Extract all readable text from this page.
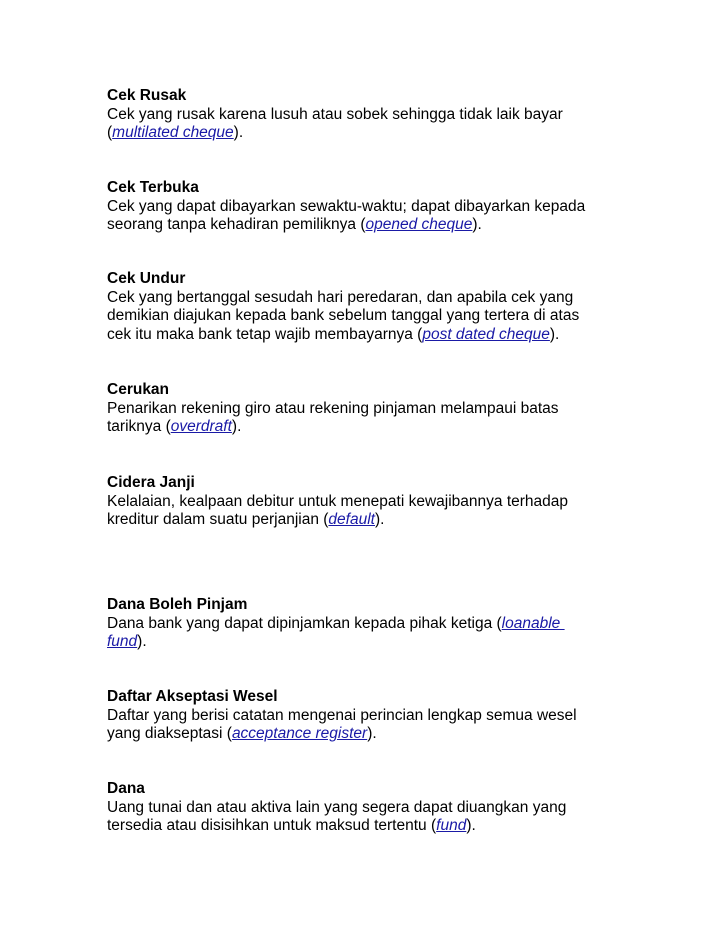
Cek Rusak
Cek yang rusak karena lusuh atau sobek sehingga tidak laik bayar
(multilated cheque).
Cek Terbuka
Cek yang dapat dibayarkan sewaktu-waktu; dapat dibayarkan kepada
seorang tanpa kehadiran pemiliknya (opened cheque).
Cek Undur
Cek yang bertanggal sesudah hari peredaran, dan apabila cek yang
demikian diajukan kepada bank sebelum tanggal yang tertera di atas
cek itu maka bank tetap wajib membayarnya (post dated cheque).
Cerukan
Penarikan rekening giro atau rekening pinjaman melampaui batas
tariknya (overdraft).
Cidera Janji
Kelalaian, kealpaan debitur untuk menepati kewajibannya terhadap
kreditur dalam suatu perjanjian (default).
Dana Boleh Pinjam
Dana bank yang dapat dipinjamkan kepada pihak ketiga (loanable
fund).
Daftar Akseptasi Wesel
Daftar yang berisi catatan mengenai perincian lengkap semua wesel
yang diakseptasi (acceptance register).
Dana
Uang tunai dan atau aktiva lain yang segera dapat diuangkan yang
tersedia atau disisihkan untuk maksud tertentu (fund).
